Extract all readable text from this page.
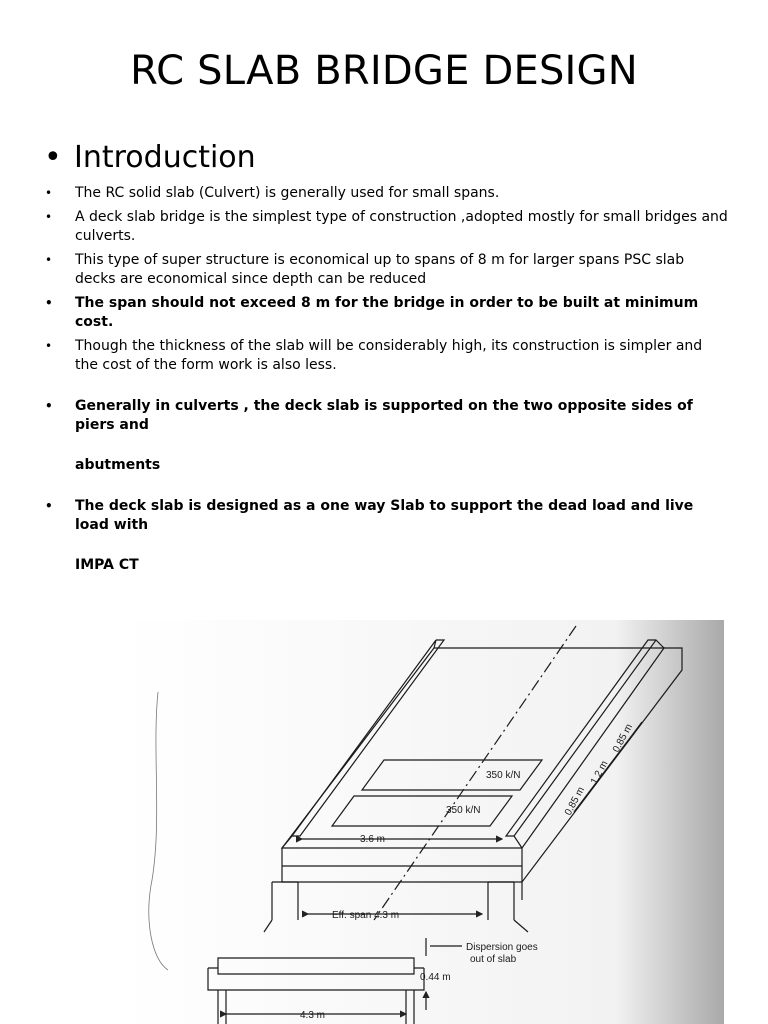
RC SLAB BRIDGE DESIGN
• Introduction
• The RC solid slab (Culvert) is generally used for small spans.
• A deck slab bridge is the simplest type of construction ,adopted mostly for small bridges and culverts.
• This type of super structure is economical up to spans of 8 m for larger spans PSC slab decks are economical since depth can be reduced
• The span should not exceed 8 m for the bridge in order to be built at minimum cost.
• Though the thickness of the slab will be considerably high, its construction is simpler and the cost of the form work is also less.
• Generally in culverts , the deck slab is supported on the two opposite sides of piers and
abutments
• The deck slab is designed as a one way Slab to support the dead load and live load with
IMPA CT
350 k/N
350 k/N
3.6 m
Eff. span 4.3 m
0.85 m
1.2 m
0.85 m
0.44 m
Dispersion goes
out of slab
4.3 m
